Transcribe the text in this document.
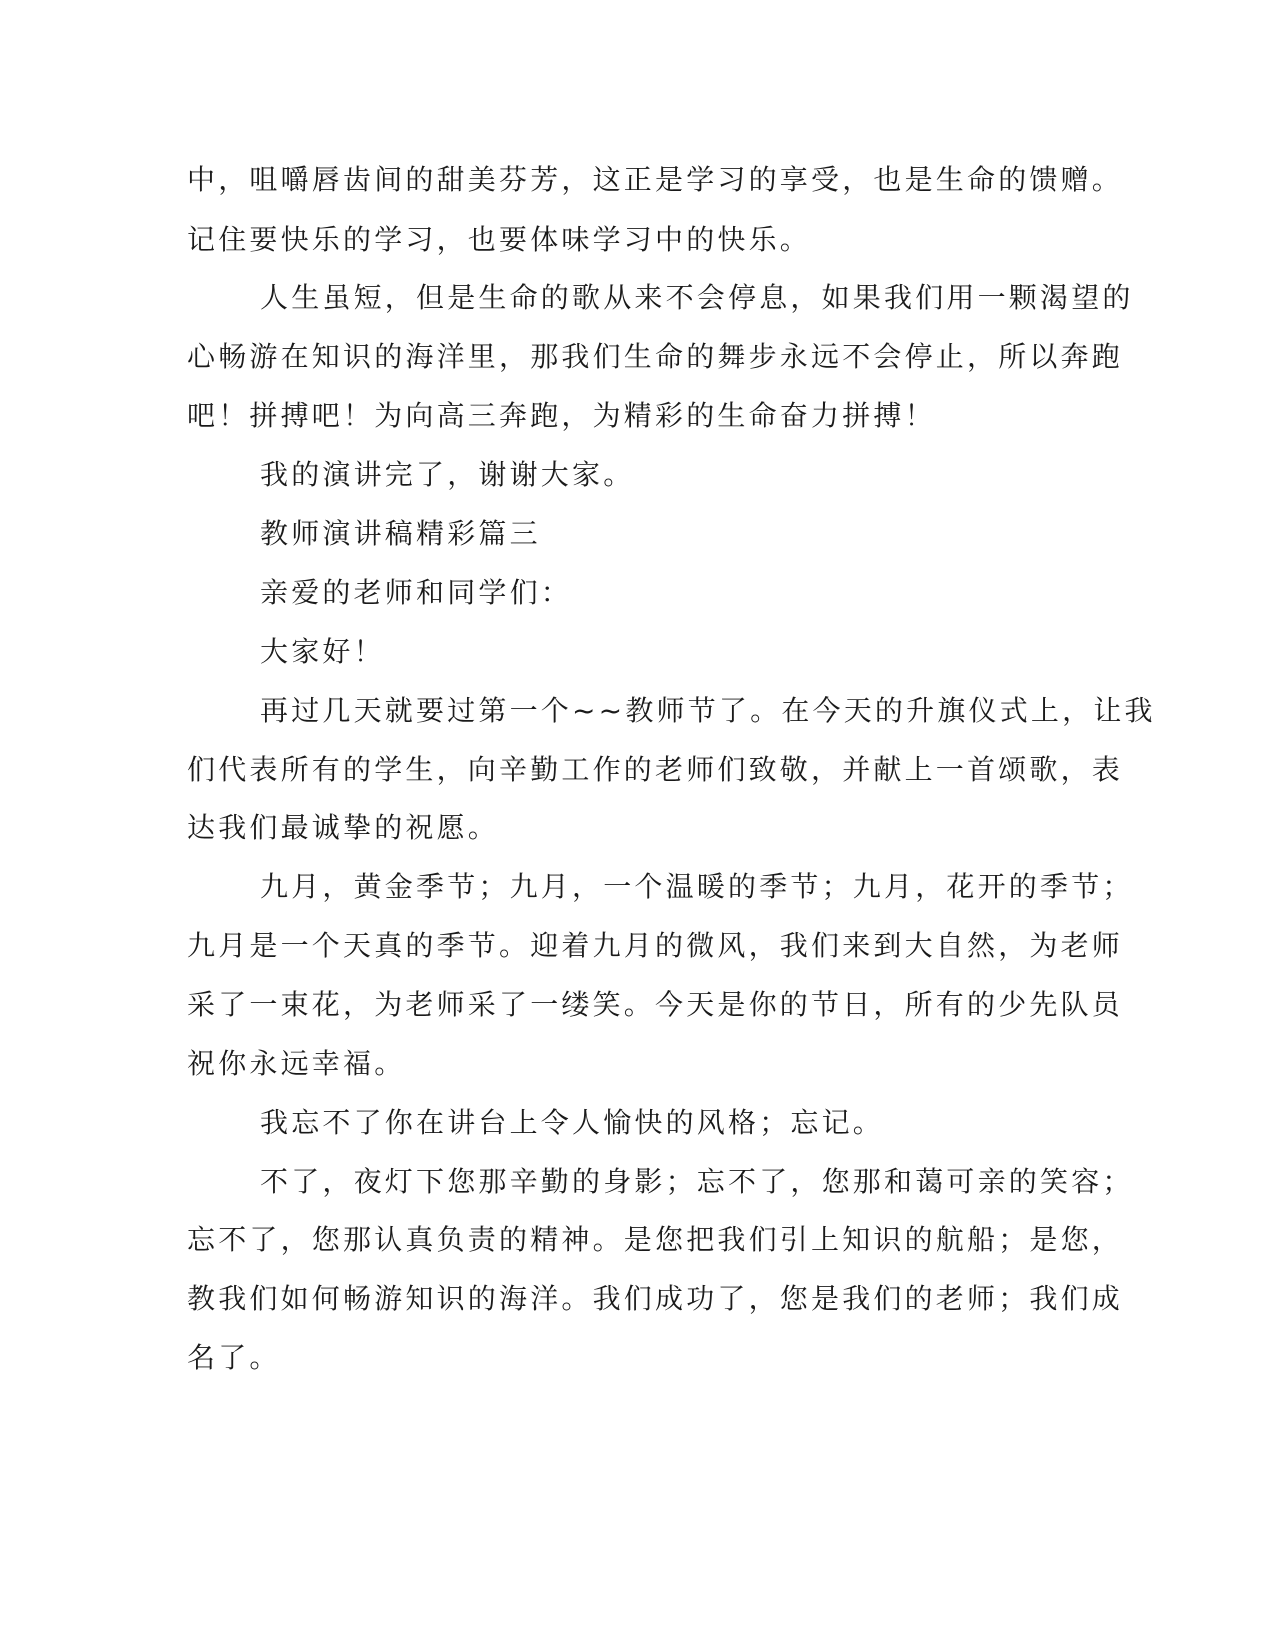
中，咀嚼唇齿间的甜美芬芳，这正是学习的享受，也是生命的馈赠。
记住要快乐的学习，也要体味学习中的快乐。
人生虽短，但是生命的歌从来不会停息，如果我们用一颗渴望的
心畅游在知识的海洋里，那我们生命的舞步永远不会停止，所以奔跑
吧！拼搏吧！为向高三奔跑，为精彩的生命奋力拼搏！
我的演讲完了，谢谢大家。
教师演讲稿精彩篇三
亲爱的老师和同学们：
大家好！
再过几天就要过第一个~~教师节了。在今天的升旗仪式上，让我
们代表所有的学生，向辛勤工作的老师们致敬，并献上一首颂歌，表
达我们最诚挚的祝愿。
九月，黄金季节；九月，一个温暖的季节；九月，花开的季节；
九月是一个天真的季节。迎着九月的微风，我们来到大自然，为老师
采了一束花，为老师采了一缕笑。今天是你的节日，所有的少先队员
祝你永远幸福。
我忘不了你在讲台上令人愉快的风格；忘记。
不了，夜灯下您那辛勤的身影；忘不了，您那和蔼可亲的笑容；
忘不了，您那认真负责的精神。是您把我们引上知识的航船；是您，
教我们如何畅游知识的海洋。我们成功了，您是我们的老师；我们成
名了。
